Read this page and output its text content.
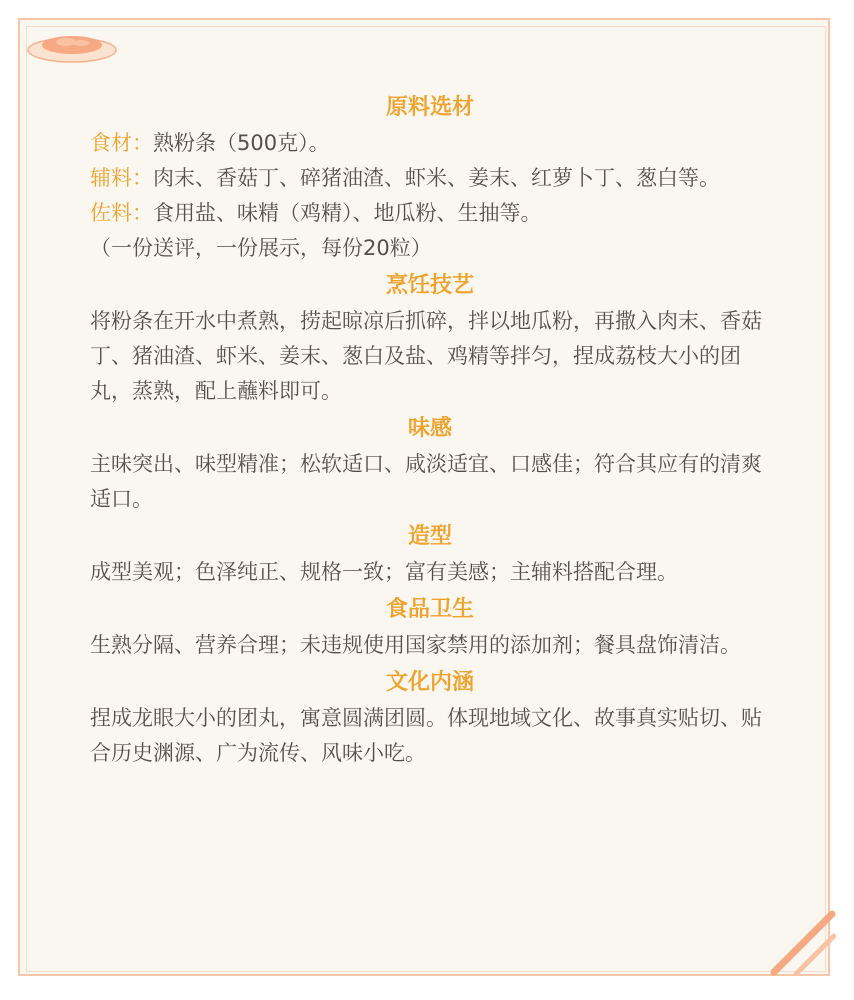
原料选材

食材：熟粉条（500克）。

辅料：肉末、香菇丁、碎猪油渣、虾米、姜末、红萝卜丁、葱白等。

佐料：食用盐、味精（鸡精）、地瓜粉、生抽等。

（一份送评，一份展示，每份20粒）

烹饪技艺

将粉条在开水中煮熟，捞起晾凉后抓碎，拌以地瓜粉，再撒入肉末、香菇丁、猪油渣、虾米、姜末、葱白及盐、鸡精等拌匀，捏成荔枝大小的团丸，蒸熟，配上蘸料即可。

味感

主味突出、味型精准；松软适口、咸淡适宜、口感佳；符合其应有的清爽适口。

造型

成型美观；色泽纯正、规格一致；富有美感；主辅料搭配合理。

食品卫生

生熟分隔、营养合理；未违规使用国家禁用的添加剂；餐具盘饰清洁。

文化内涵

捏成龙眼大小的团丸，寓意圆满团圆。体现地域文化、故事真实贴切、贴合历史渊源、广为流传、风味小吃。
